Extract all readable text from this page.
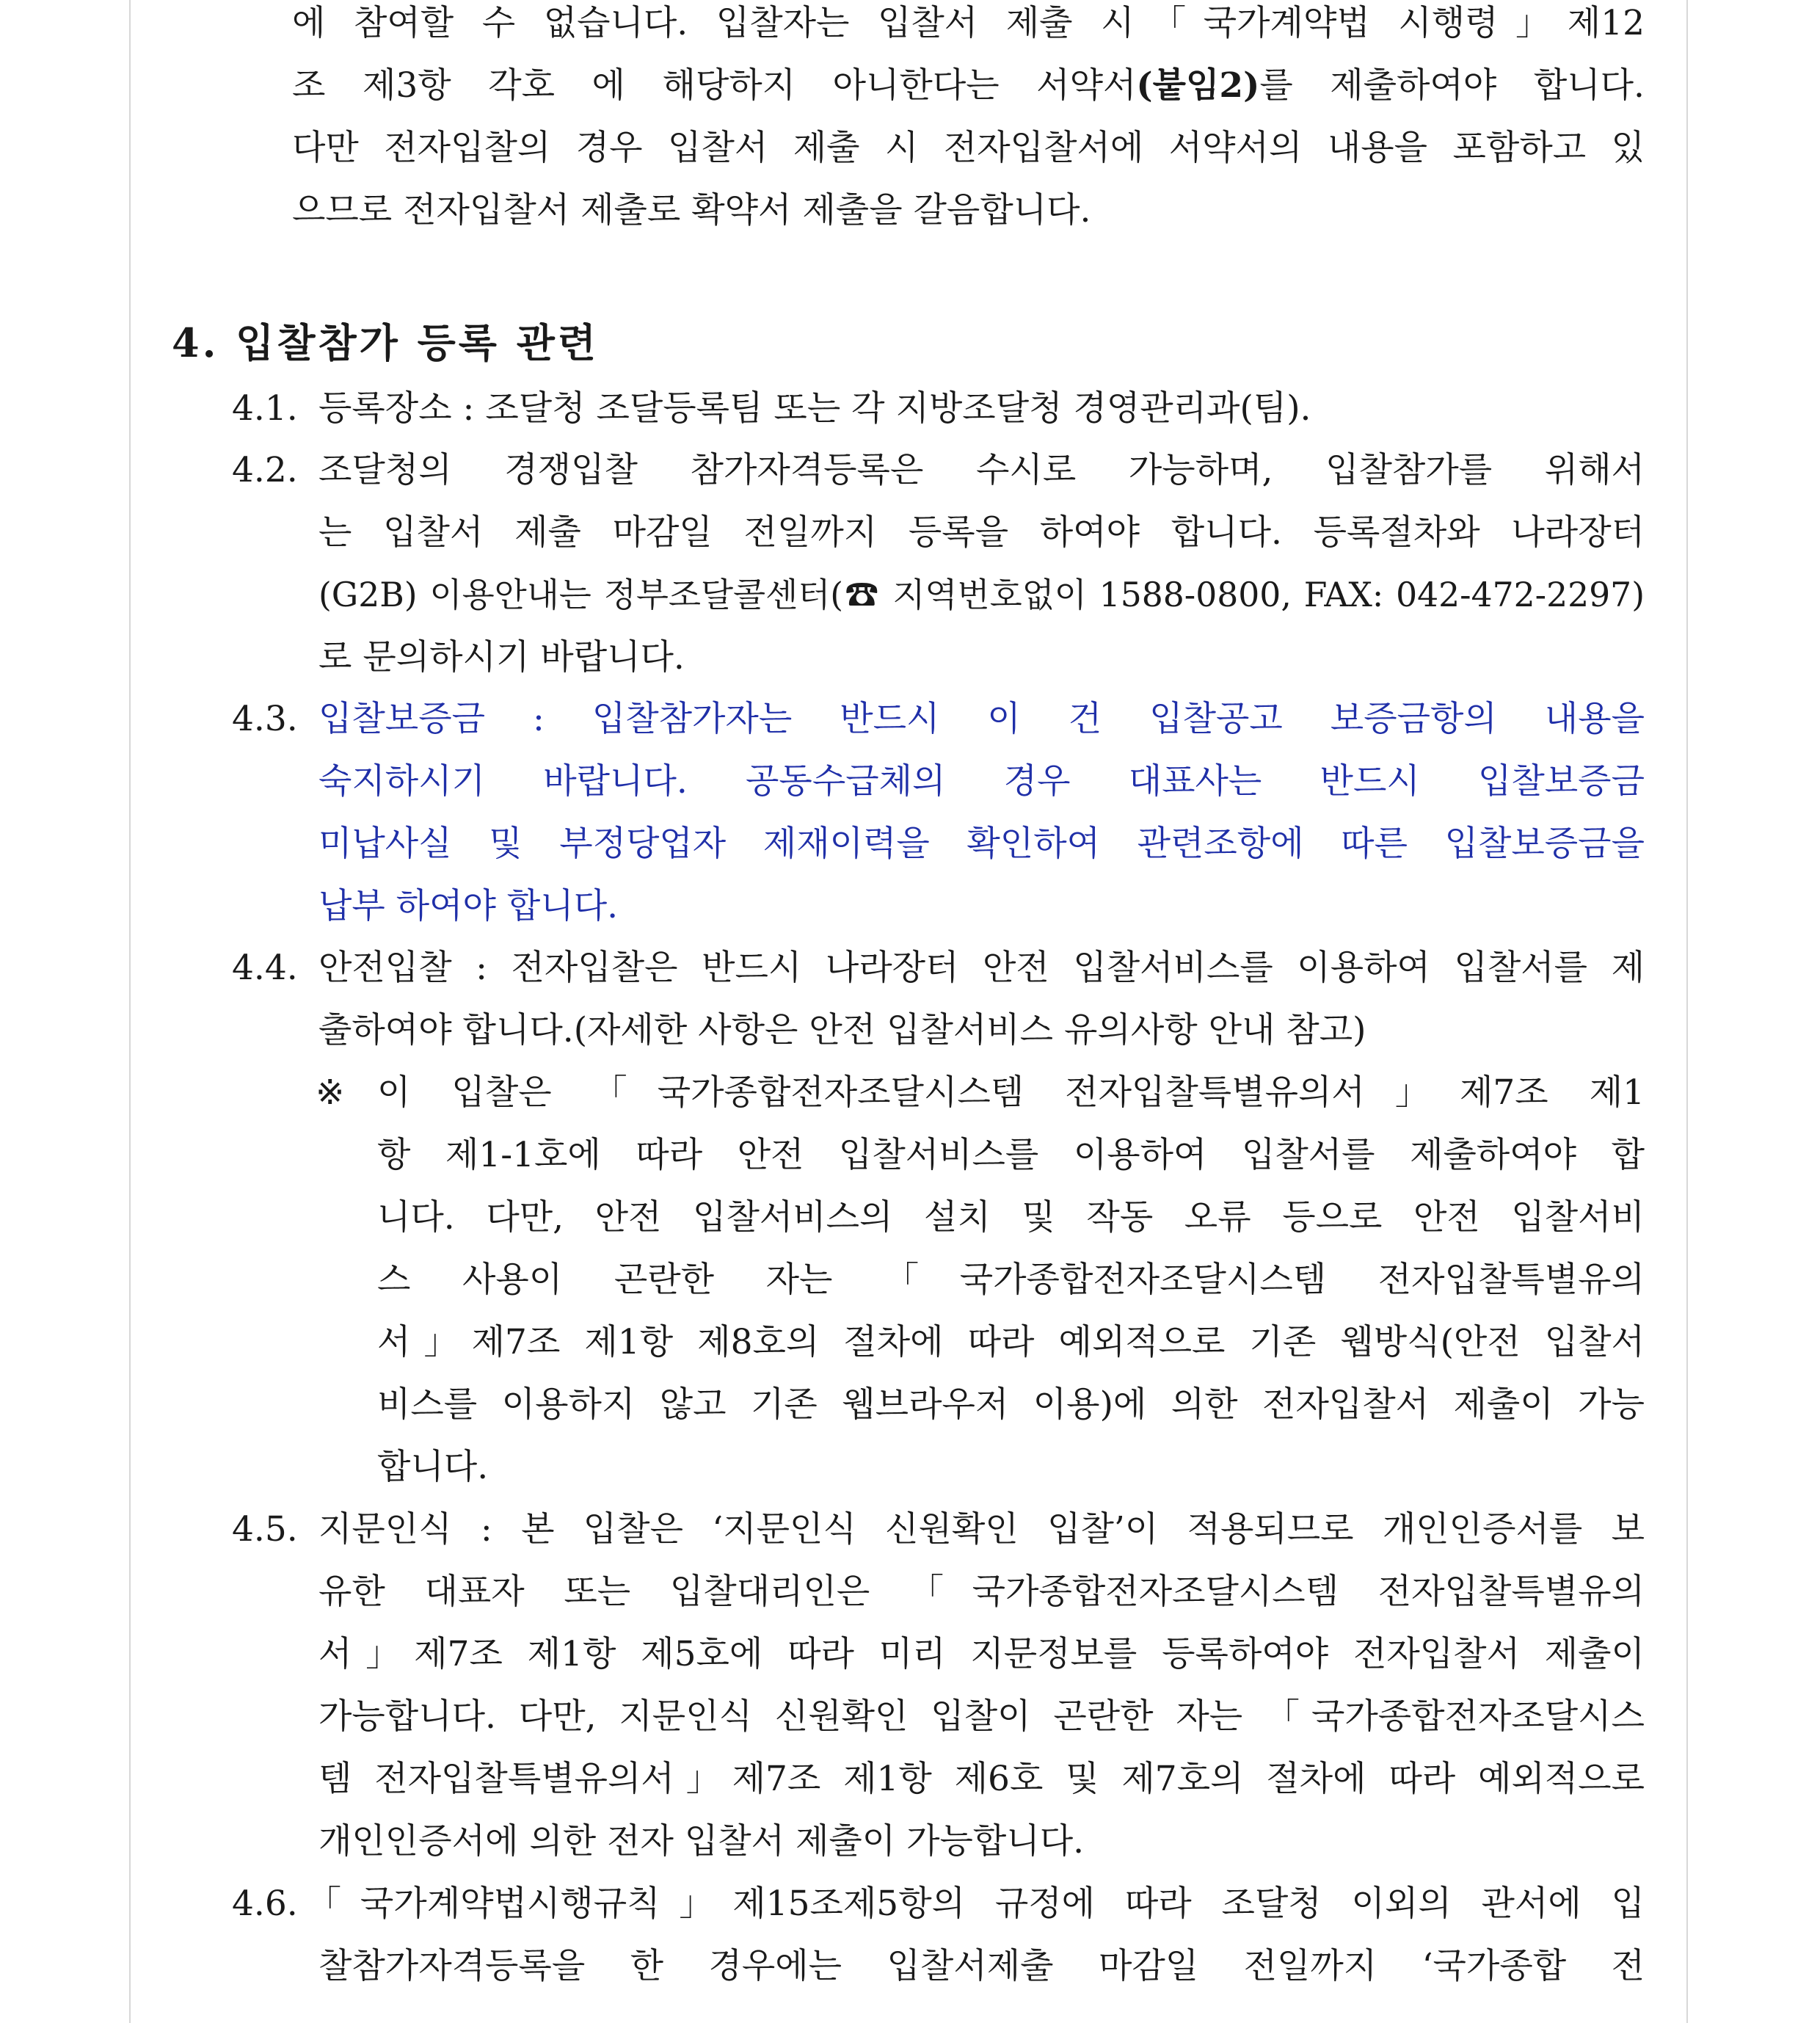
에 참여할 수 없습니다. 입찰자는 입찰서 제출 시「국가계약법 시행령」제12
조 제3항 각호 에 해당하지 아니한다는 서약서(붙임2)를 제출하여야 합니다.
다만 전자입찰의 경우 입찰서 제출 시 전자입찰서에 서약서의 내용을 포함하고 있
으므로 전자입찰서 제출로 확약서 제출을 갈음합니다.
4. 입찰참가 등록 관련
4.1. 등록장소 : 조달청 조달등록팀 또는 각 지방조달청 경영관리과(팀).
4.2. 조달청의 경쟁입찰 참가자격등록은 수시로 가능하며, 입찰참가를 위해서
는 입찰서 제출 마감일 전일까지 등록을 하여야 합니다. 등록절차와 나라장터
(G2B) 이용안내는 정부조달콜센터(☎ 지역번호없이 1588-0800, FAX: 042-472-2297)
로 문의하시기 바랍니다.
4.3. 입찰보증금 : 입찰참가자는 반드시 이 건 입찰공고 보증금항의 내용을
숙지하시기 바랍니다. 공동수급체의 경우 대표사는 반드시 입찰보증금
미납사실 및 부정당업자 제재이력을 확인하여 관련조항에 따른 입찰보증금을
납부 하여야 합니다.
4.4. 안전입찰 : 전자입찰은 반드시 나라장터 안전 입찰서비스를 이용하여 입찰서를 제
출하여야 합니다.(자세한 사항은 안전 입찰서비스 유의사항 안내 참고)
※ 이 입찰은 「국가종합전자조달시스템 전자입찰특별유의서」제7조 제1
항 제1-1호에 따라 안전 입찰서비스를 이용하여 입찰서를 제출하여야 합
니다. 다만, 안전 입찰서비스의 설치 및 작동 오류 등으로 안전 입찰서비
스 사용이 곤란한 자는 「국가종합전자조달시스템 전자입찰특별유의
서」제7조 제1항 제8호의 절차에 따라 예외적으로 기존 웹방식(안전 입찰서
비스를 이용하지 않고 기존 웹브라우저 이용)에 의한 전자입찰서 제출이 가능
합니다.
4.5. 지문인식 : 본 입찰은 ‘지문인식 신원확인 입찰’이 적용되므로 개인인증서를 보
유한 대표자 또는 입찰대리인은 「국가종합전자조달시스템 전자입찰특별유의
서」제7조 제1항 제5호에 따라 미리 지문정보를 등록하여야 전자입찰서 제출이
가능합니다. 다만, 지문인식 신원확인 입찰이 곤란한 자는 「국가종합전자조달시스
템 전자입찰특별유의서」제7조 제1항 제6호 및 제7호의 절차에 따라 예외적으로
개인인증서에 의한 전자 입찰서 제출이 가능합니다.
4.6. 「국가계약법시행규칙」제15조제5항의 규정에 따라 조달청 이외의 관서에 입
찰참가자격등록을 한 경우에는 입찰서제출 마감일 전일까지 ‘국가종합 전
